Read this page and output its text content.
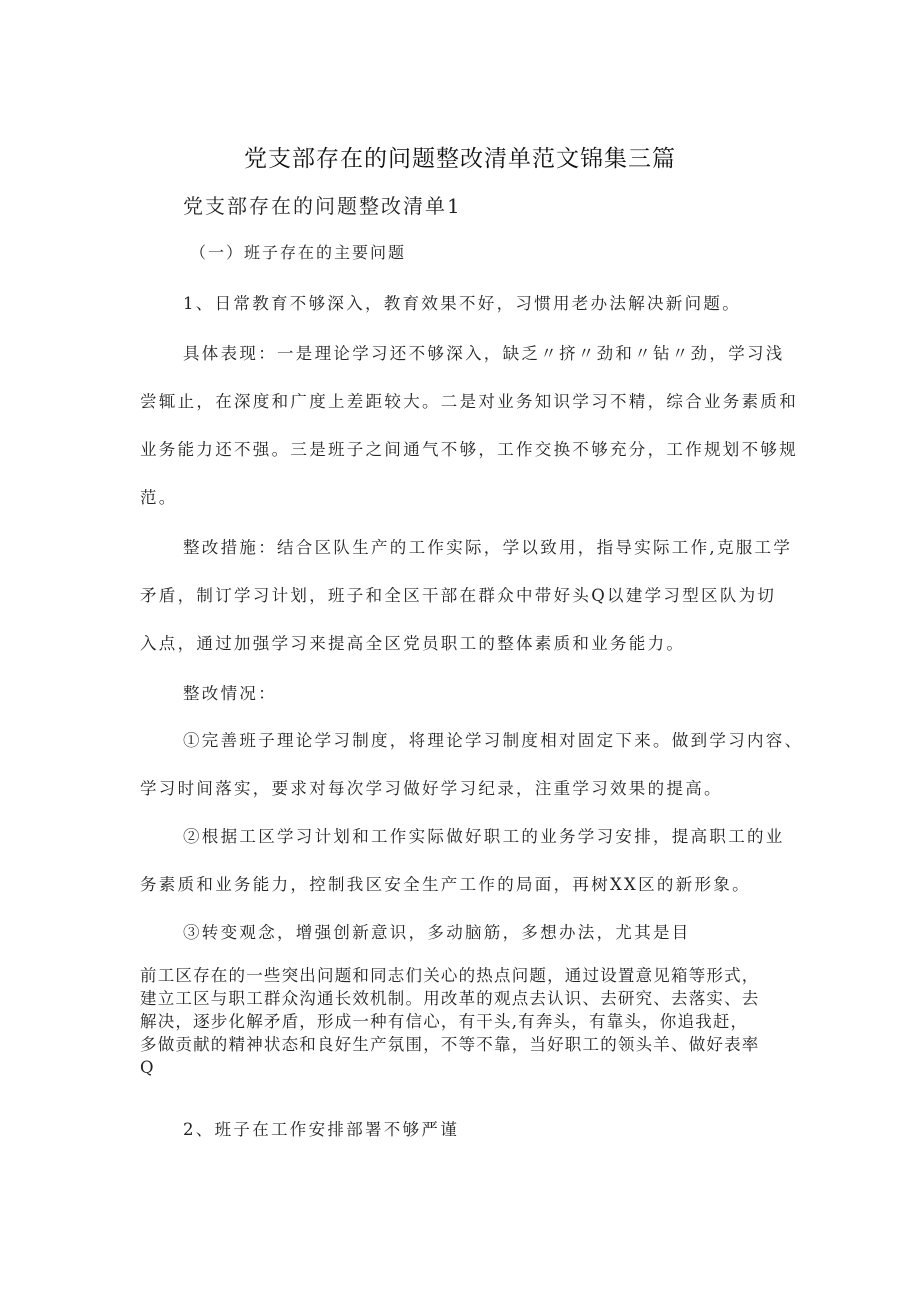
党支部存在的问题整改清单范文锦集三篇
党支部存在的问题整改清单1
（一）班子存在的主要问题
1、日常教育不够深入，教育效果不好，习惯用老办法解决新问题。
具体表现：一是理论学习还不够深入，缺乏〃挤〃劲和〃钻〃劲，学习浅
尝辄止，在深度和广度上差距较大。二是对业务知识学习不精，综合业务素质和
业务能力还不强。三是班子之间通气不够，工作交换不够充分，工作规划不够规
范。
整改措施：结合区队生产的工作实际，学以致用，指导实际工作,克服工学
矛盾，制订学习计划，班子和全区干部在群众中带好头Q以建学习型区队为切
入点，通过加强学习来提高全区党员职工的整体素质和业务能力。
整改情况：
①完善班子理论学习制度，将理论学习制度相对固定下来。做到学习内容、
学习时间落实，要求对每次学习做好学习纪录，注重学习效果的提高。
②根据工区学习计划和工作实际做好职工的业务学习安排，提高职工的业
务素质和业务能力，控制我区安全生产工作的局面，再树XX区的新形象。
③转变观念，增强创新意识，多动脑筋，多想办法，尤其是目
前工区存在的一些突出问题和同志们关心的热点问题，通过设置意见箱等形式，
建立工区与职工群众沟通长效机制。用改革的观点去认识、去研究、去落实、去
解决，逐步化解矛盾，形成一种有信心，有干头,有奔头，有靠头，你追我赶，
多做贡献的精神状态和良好生产氛围，不等不靠，当好职工的领头羊、做好表率
Q
2、班子在工作安排部署不够严谨
